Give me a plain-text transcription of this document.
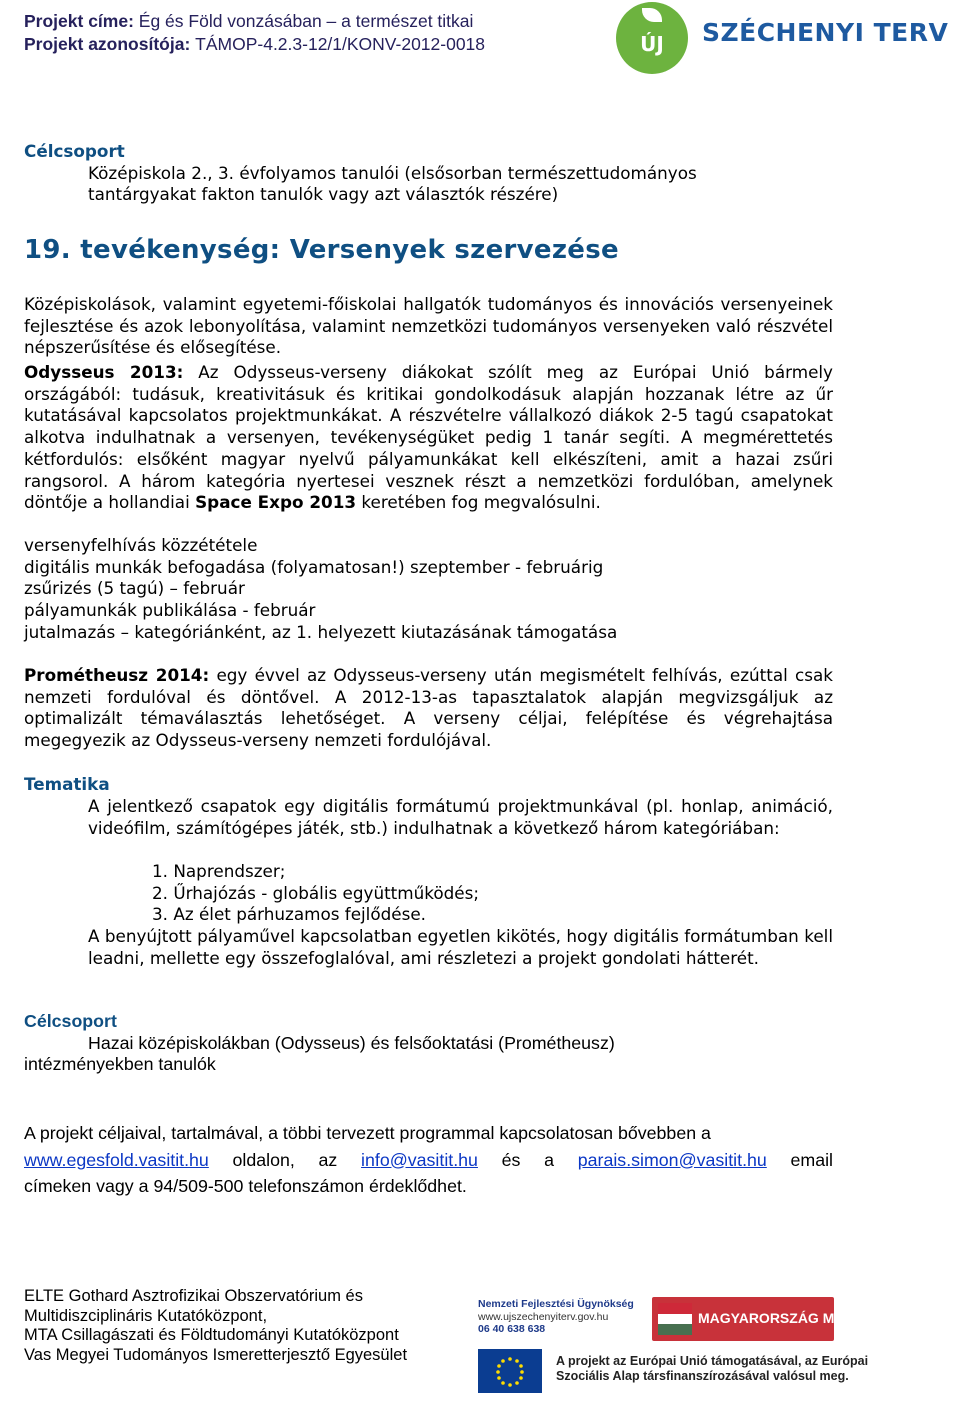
Projekt címe: Ég és Föld vonzásában – a természet titkai
Projekt azonosítója: TÁMOP-4.2.3-12/1/KONV-2012-0018	ÚJ	SZÉCHENYI TERV

Célcsoport

Középiskola 2., 3. évfolyamos tanulói (elsősorban természettudományos

tantárgyakat fakton tanulók vagy azt választók részére)

19. tevékenység: Versenyek szervezése
Középiskolások, valamint egyetemi-főiskolai hallgatók tudományos és innovációs versenyeinek fejlesztése és azok lebonyolítása, valamint nemzetközi tudományos versenyeken való részvétel népszerűsítése és elősegítése.
Odysseus 2013: Az Odysseus-verseny diákokat szólít meg az Európai Unió bármely országából: tudásuk, kreativitásuk és kritikai gondolkodásuk alapján hozzanak létre az űr kutatásával kapcsolatos projektmunkákat. A részvételre vállalkozó diákok 2-5 tagú csapatokat alkotva indulhatnak a versenyen, tevékenységüket pedig 1 tanár segíti. A megmérettetés kétfordulós: elsőként magyar nyelvű pályamunkákat kell elkészíteni, amit a hazai zsűri rangsorol. A három kategória nyertesei vesznek részt a nemzetközi fordulóban, amelynek döntője a hollandiai Space Expo 2013 keretében fog megvalósulni.

versenyfelhívás közzététele

digitális munkák befogadása (folyamatosan!) szeptember - februárig

zsűrizés (5 tagú) – február

pályamunkák publikálása - február

jutalmazás – kategóriánként, az 1. helyezett kiutazásának támogatása

Prométheusz 2014: egy évvel az Odysseus-verseny után megismételt felhívás, ezúttal csak nemzeti fordulóval és döntővel. A 2012-13-as tapasztalatok alapján megvizsgáljuk az optimalizált témaválasztás lehetőséget. A verseny céljai, felépítése és végrehajtása megegyezik az Odysseus-verseny nemzeti fordulójával.
Tematika
A jelentkező csapatok egy digitális formátumú projektmunkával (pl. honlap, animáció, videófilm, számítógépes játék, stb.) indulhatnak a következő három kategóriában:

1. Naprendszer;

2. Űrhajózás - globális együttműködés;

3. Az élet párhuzamos fejlődése.

A benyújtott pályaművel kapcsolatban egyetlen kikötés, hogy digitális formátumban kell leadni, mellette egy összefoglalóval, ami részletezi a projekt gondolati hátterét.

Célcsoport

Hazai középiskolákban (Odysseus) és felsőoktatási (Prométheusz)

intézményekben tanulók

A projekt céljaival, tartalmával, a többi tervezett programmal kapcsolatosan bővebben a

www.egesfold.vasitit.hu oldalon, az info@vasitit.hu és a parais.simon@vasitit.hu email

címeken vagy a 94/509-500 telefonszámon érdeklődhet.

ELTE Gothard Asztrofizikai Obszervatórium és
Multidiszciplináris Kutatóközpont,
MTA Csillagászati és Földtudományi Kutatóközpont
Vas Megyei Tudományos Ismeretterjesztő Egyesület
Nemzeti Fejlesztési Ügynökség
www.ujszechenyiterv.gov.hu
06 40 638 638
MAGYARORSZÁG MEGÚJUL
A projekt az Európai Unió támogatásával, az Európai
Szociális Alap társfinanszírozásával valósul meg.
